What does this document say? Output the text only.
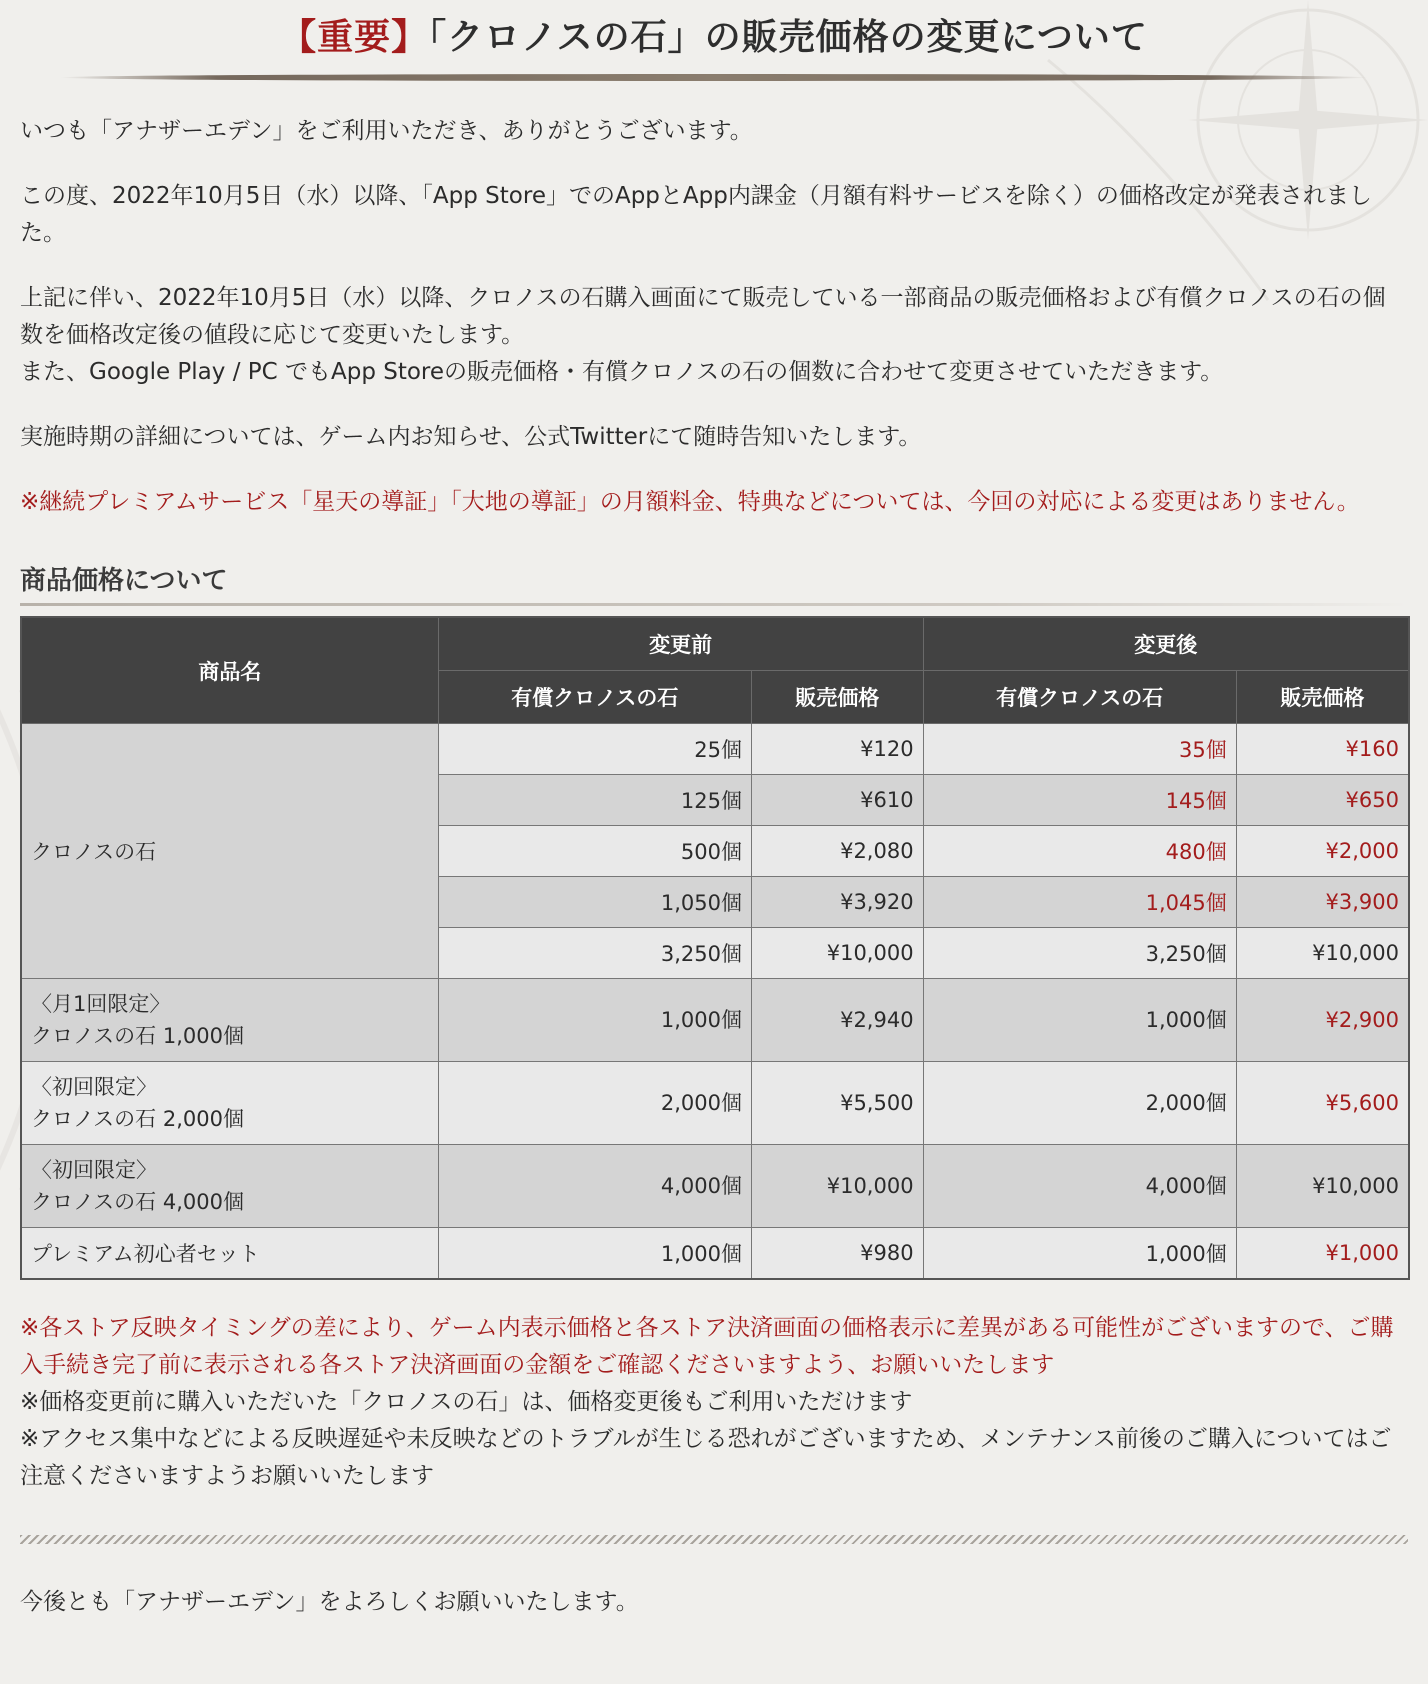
【重要】「クロノスの石」の販売価格の変更について

いつも「アナザーエデン」をご利用いただき、ありがとうございます。

この度、2022年10月5日（水）以降、「App Store」でのAppとApp内課金（月額有料サービスを除く）の価格改定が発表されました。

上記に伴い、2022年10月5日（水）以降、クロノスの石購入画面にて販売している一部商品の販売価格および有償クロノスの石の個数を価格改定後の値段に応じて変更いたします。

また、Google Play / PC でもApp Storeの販売価格・有償クロノスの石の個数に合わせて変更させていただきます。

実施時期の詳細については、ゲーム内お知らせ、公式Twitterにて随時告知いたします。

※継続プレミアムサービス「星天の導証」「大地の導証」の月額料金、特典などについては、今回の対応による変更はありません。

商品価格について
商品名	変更前		変更後	
	有償クロノスの石	販売価格	有償クロノスの石	販売価格
クロノスの石	25個	¥120	35個	¥160
	125個	¥610	145個	¥650
	500個	¥2,080	480個	¥2,000
	1,050個	¥3,920	1,045個	¥3,900
	3,250個	¥10,000	3,250個	¥10,000
〈月1回限定〉
クロノスの石 1,000個	1,000個	¥2,940	1,000個	¥2,900
〈初回限定〉
クロノスの石 2,000個	2,000個	¥5,500	2,000個	¥5,600
〈初回限定〉
クロノスの石 4,000個	4,000個	¥10,000	4,000個	¥10,000
プレミアム初心者セット	1,000個	¥980	1,000個	¥1,000

※各ストア反映タイミングの差により、ゲーム内表示価格と各ストア決済画面の価格表示に差異がある可能性がございますので、ご購入手続き完了前に表示される各ストア決済画面の金額をご確認くださいますよう、お願いいたします

※価格変更前に購入いただいた「クロノスの石」は、価格変更後もご利用いただけます

※アクセス集中などによる反映遅延や未反映などのトラブルが生じる恐れがございますため、メンテナンス前後のご購入についてはご注意くださいますようお願いいたします

今後とも「アナザーエデン」をよろしくお願いいたします。
